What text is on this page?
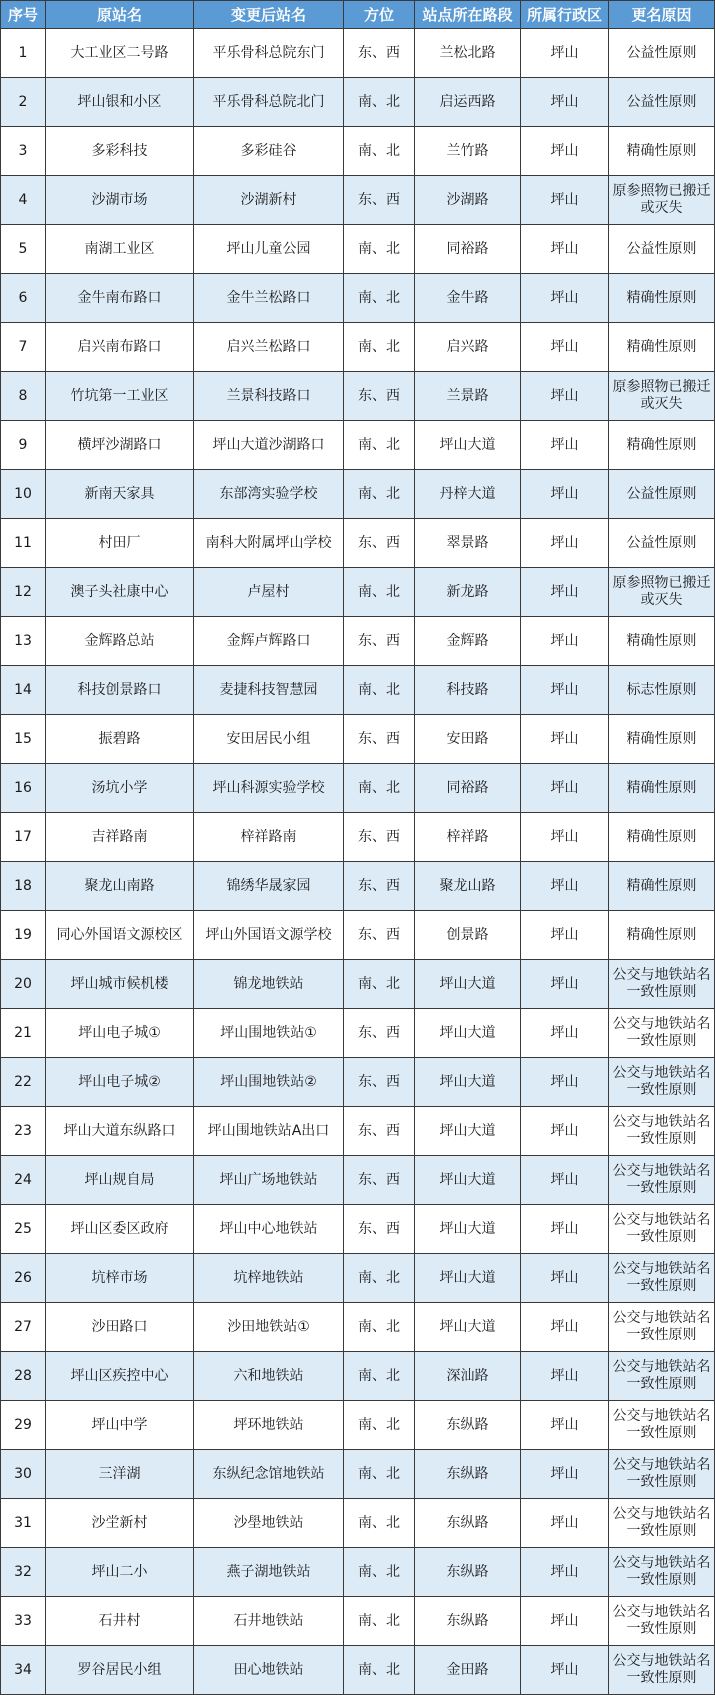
序号	原站名	变更后站名	方位	站点所在路段	所属行政区	更名原因
1	大工业区二号路	平乐骨科总院东门	东、西	兰松北路	坪山	公益性原则
2	坪山银和小区	平乐骨科总院北门	南、北	启运西路	坪山	公益性原则
3	多彩科技	多彩硅谷	南、北	兰竹路	坪山	精确性原则
4	沙湖市场	沙湖新村	东、西	沙湖路	坪山	原参照物已搬迁或灭失
5	南湖工业区	坪山儿童公园	南、北	同裕路	坪山	公益性原则
6	金牛南布路口	金牛兰松路口	南、北	金牛路	坪山	精确性原则
7	启兴南布路口	启兴兰松路口	南、北	启兴路	坪山	精确性原则
8	竹坑第一工业区	兰景科技路口	东、西	兰景路	坪山	原参照物已搬迁或灭失
9	横坪沙湖路口	坪山大道沙湖路口	南、北	坪山大道	坪山	精确性原则
10	新南天家具	东部湾实验学校	南、北	丹梓大道	坪山	公益性原则
11	村田厂	南科大附属坪山学校	东、西	翠景路	坪山	公益性原则
12	澳子头社康中心	卢屋村	南、北	新龙路	坪山	原参照物已搬迁或灭失
13	金辉路总站	金辉卢辉路口	东、西	金辉路	坪山	精确性原则
14	科技创景路口	麦捷科技智慧园	南、北	科技路	坪山	标志性原则
15	振碧路	安田居民小组	东、西	安田路	坪山	精确性原则
16	汤坑小学	坪山科源实验学校	南、北	同裕路	坪山	精确性原则
17	吉祥路南	梓祥路南	东、西	梓祥路	坪山	精确性原则
18	聚龙山南路	锦绣华晟家园	东、西	聚龙山路	坪山	精确性原则
19	同心外国语文源校区	坪山外国语文源学校	东、西	创景路	坪山	精确性原则
20	坪山城市候机楼	锦龙地铁站	南、北	坪山大道	坪山	公交与地铁站名一致性原则
21	坪山电子城①	坪山围地铁站①	东、西	坪山大道	坪山	公交与地铁站名一致性原则
22	坪山电子城②	坪山围地铁站②	东、西	坪山大道	坪山	公交与地铁站名一致性原则
23	坪山大道东纵路口	坪山围地铁站A出口	东、西	坪山大道	坪山	公交与地铁站名一致性原则
24	坪山规自局	坪山广场地铁站	东、西	坪山大道	坪山	公交与地铁站名一致性原则
25	坪山区委区政府	坪山中心地铁站	东、西	坪山大道	坪山	公交与地铁站名一致性原则
26	坑梓市场	坑梓地铁站	南、北	坪山大道	坪山	公交与地铁站名一致性原则
27	沙田路口	沙田地铁站①	南、北	坪山大道	坪山	公交与地铁站名一致性原则
28	坪山区疾控中心	六和地铁站	南、北	深汕路	坪山	公交与地铁站名一致性原则
29	坪山中学	坪环地铁站	南、北	东纵路	坪山	公交与地铁站名一致性原则
30	三洋湖	东纵纪念馆地铁站	南、北	东纵路	坪山	公交与地铁站名一致性原则
31	沙坣新村	沙壆地铁站	南、北	东纵路	坪山	公交与地铁站名一致性原则
32	坪山二小	燕子湖地铁站	南、北	东纵路	坪山	公交与地铁站名一致性原则
33	石井村	石井地铁站	南、北	东纵路	坪山	公交与地铁站名一致性原则
34	罗谷居民小组	田心地铁站	南、北	金田路	坪山	公交与地铁站名一致性原则
